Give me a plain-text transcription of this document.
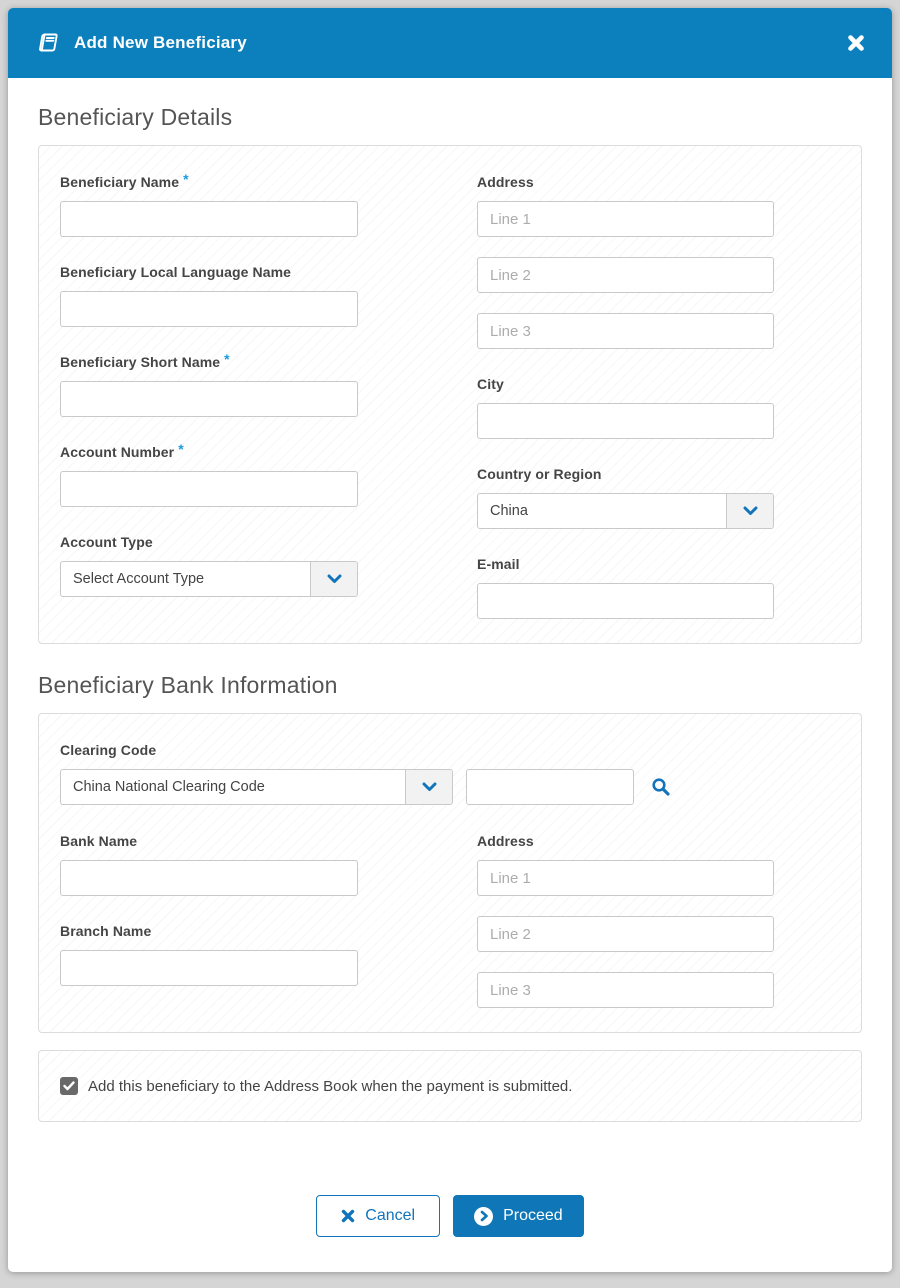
Add New Beneficiary
Beneficiary Details
Beneficiary Name *
Beneficiary Local Language Name
Beneficiary Short Name *
Account Number *
Account Type
Select Account Type
Address
Line 1 Line 2 Line 3
City
Country or Region
China
E-mail
Beneficiary Bank Information
Clearing Code
China National Clearing Code
Bank Name
Branch Name
Address
Line 1 Line 2 Line 3
Add this beneficiary to the Address Book when the payment is submitted.
Cancel	Proceed
